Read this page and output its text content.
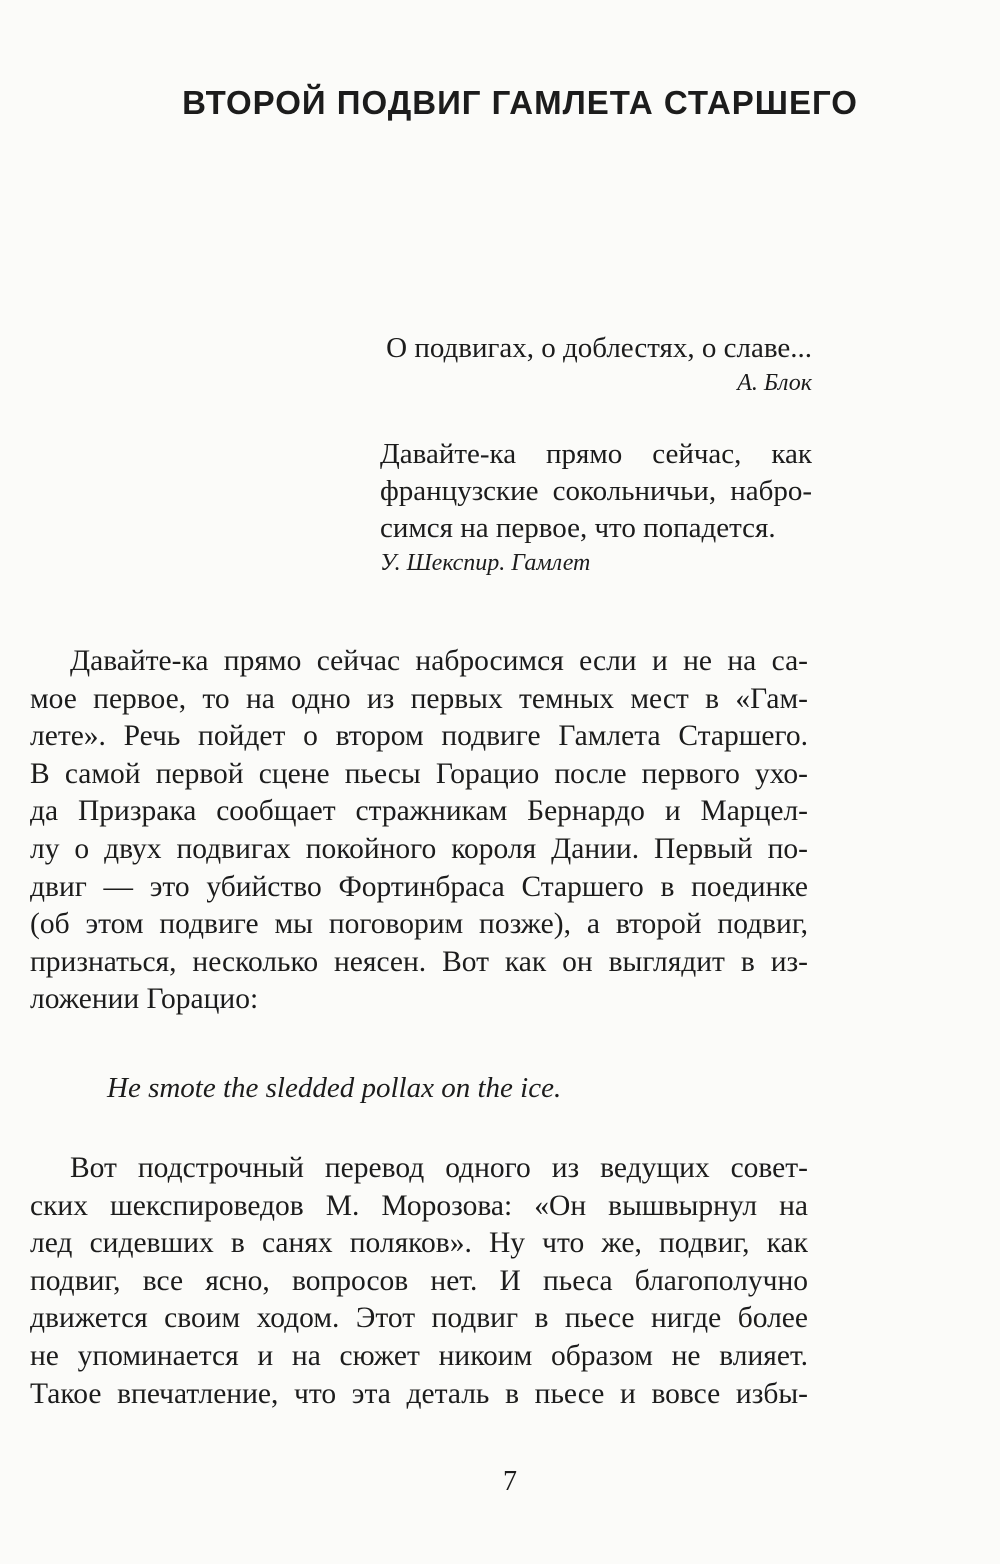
ВТОРОЙ ПОДВИГ ГАМЛЕТА СТАРШЕГО
О подвигах, о доблестях, о славе...
А. Блок
Давайте-ка прямо сейчас, как
французские сокольничьи, набро-
симся на первое, что попадется.
У. Шекспир. Гамлет
Давайте-ка прямо сейчас набросимся если и не на са-
мое первое, то на одно из первых темных мест в «Гам-
лете». Речь пойдет о втором подвиге Гамлета Старшего.
В самой первой сцене пьесы Горацио после первого ухо-
да Призрака сообщает стражникам Бернардо и Марцел-
лу о двух подвигах покойного короля Дании. Первый по-
двиг — это убийство Фортинбраса Старшего в поединке
(об этом подвиге мы поговорим позже), а второй подвиг,
признаться, несколько неясен. Вот как он выглядит в из-
ложении Горацио:
He smote the sledded pollax on the ice.
Вот подстрочный перевод одного из ведущих совет-
ских шекспироведов М. Морозова: «Он вышвырнул на
лед сидевших в санях поляков». Ну что же, подвиг, как
подвиг, все ясно, вопросов нет. И пьеса благополучно
движется своим ходом. Этот подвиг в пьесе нигде более
не упоминается и на сюжет никоим образом не влияет.
Такое впечатление, что эта деталь в пьесе и вовсе избы-
7
